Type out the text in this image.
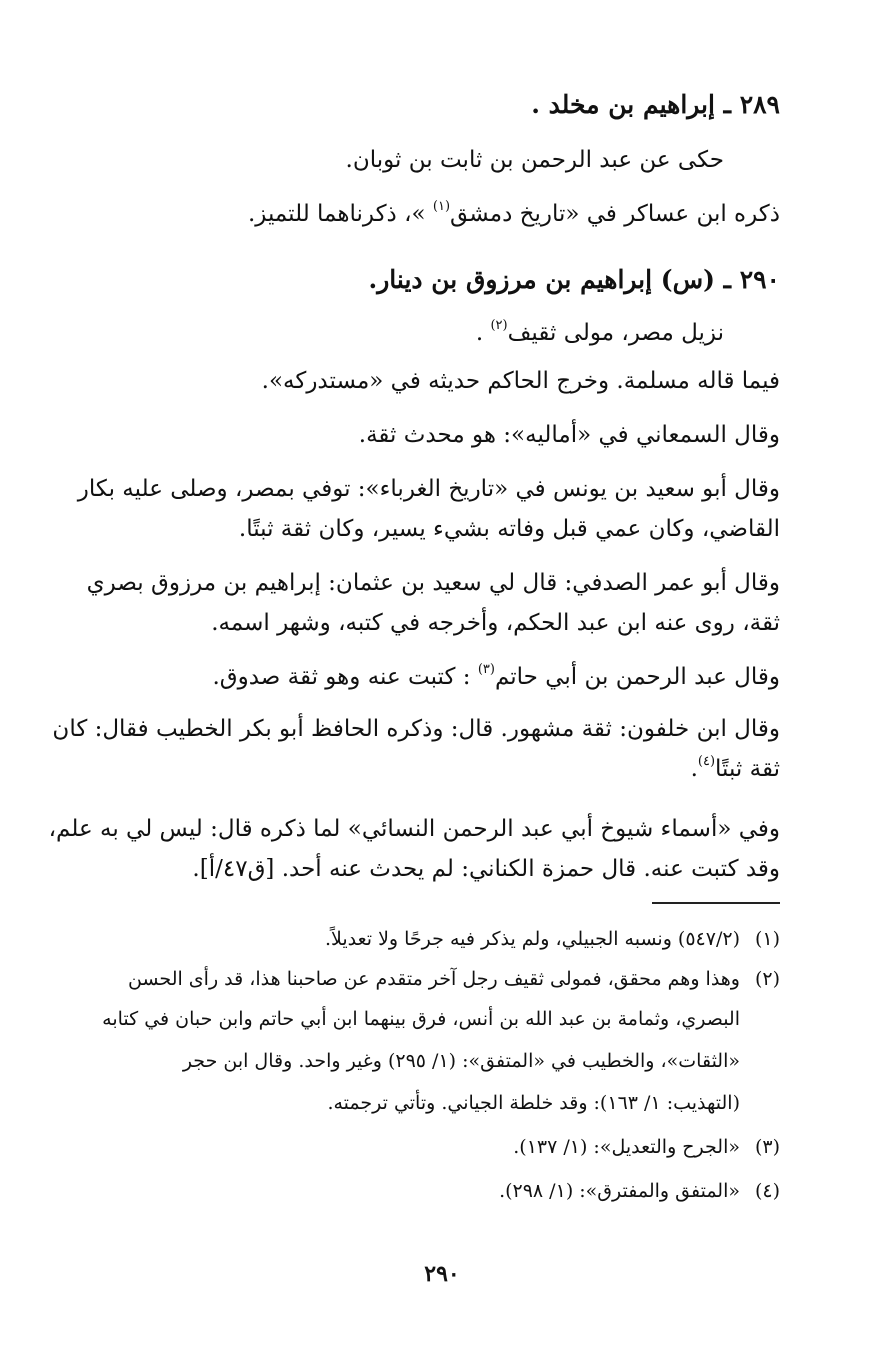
٢٨٩ ـ إبراهيم بن مخلد .
حكى عن عبد الرحمن بن ثابت بن ثوبان.
ذكره ابن عساكر في «تاريخ دمشق$^{(١)}$ »، ذكرناهما للتميز.
٢٩٠ ـ (س) إبراهيم بن مرزوق بن دينار.
نزيل مصر، مولى ثقيف$^{(٢)}$ .
فيما قاله مسلمة. وخرج الحاكم حديثه في «مستدركه».
وقال السمعاني في «أماليه»: هو محدث ثقة.
وقال أبو سعيد بن يونس في «تاريخ الغرباء»: توفي بمصر، وصلى عليه بكار
القاضي، وكان عمي قبل وفاته بشيء يسير، وكان ثقة ثبتًا.
وقال أبو عمر الصدفي: قال لي سعيد بن عثمان: إبراهيم بن مرزوق بصري
ثقة، روى عنه ابن عبد الحكم، وأخرجه في كتبه، وشهر اسمه.
وقال عبد الرحمن بن أبي حاتم$^{(٣)}$ : كتبت عنه وهو ثقة صدوق.
وقال ابن خلفون: ثقة مشهور. قال: وذكره الحافظ أبو بكر الخطيب فقال: كان
ثقة ثبتًا$^{(٤)}$.
وفي «أسماء شيوخ أبي عبد الرحمن النسائي» لما ذكره قال: ليس لي به علم،
وقد كتبت عنه. قال حمزة الكناني: لم يحدث عنه أحد. [ق٤٧/أ].
(١)(٥٤٧/٢) ونسبه الجبيلي، ولم يذكر فيه جرحًا ولا تعديلاً.
(٢)وهذا وهم محقق، فمولى ثقيف رجل آخر متقدم عن صاحبنا هذا، قد رأى الحسن
البصري، وثمامة بن عبد الله بن أنس، فرق بينهما ابن أبي حاتم وابن حبان في كتابه
«الثقات»، والخطيب في «المتفق»: (١/ ٢٩٥) وغير واحد. وقال ابن حجر
(التهذيب: ١/ ١٦٣): وقد خلطة الجياني. وتأتي ترجمته.
(٣)«الجرح والتعديل»: (١/ ١٣٧).
(٤)«المتفق والمفترق»: (١/ ٢٩٨).
٢٩٠
